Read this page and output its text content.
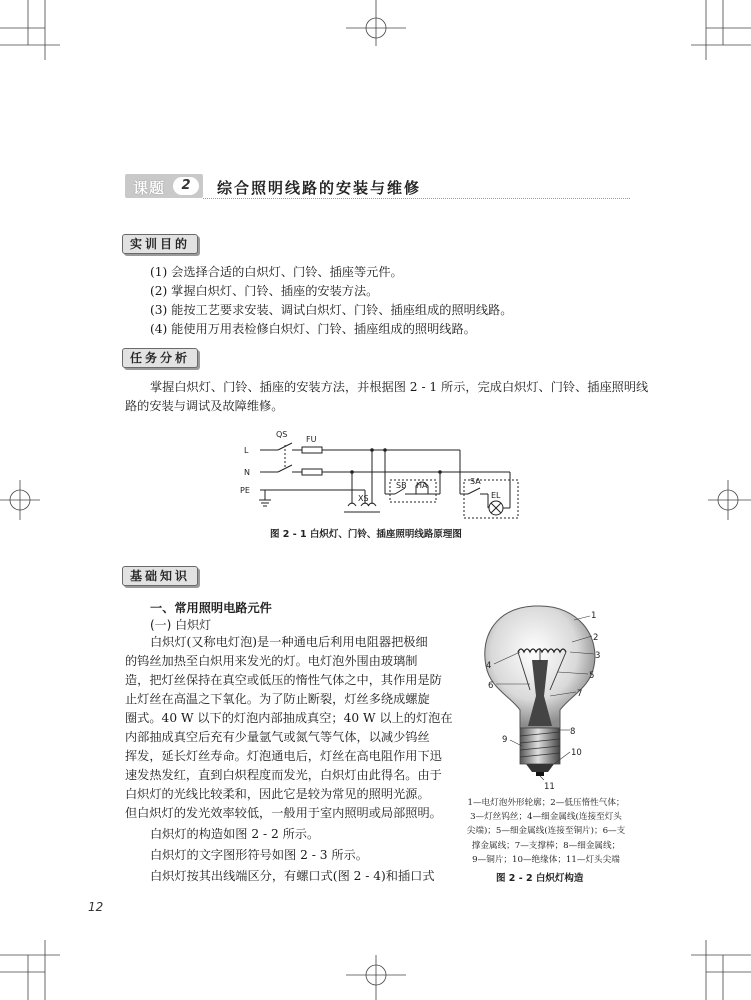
课题	2	综合照明线路的安装与维修
实训目的
(1) 会选择合适的白炽灯、门铃、插座等元件。
(2) 掌握白炽灯、门铃、插座的安装方法。
(3) 能按工艺要求安装、调试白炽灯、门铃、插座组成的照明线路。
(4) 能使用万用表检修白炽灯、门铃、插座组成的照明线路。
任务分析
掌握白炽灯、门铃、插座的安装方法，并根据图 2 - 1 所示，完成白炽灯、门铃、插座照明线
路的安装与调试及故障维修。
QS
FU
L
N
PE
XS
SB HA	SA
EL
图 2 - 1 白炽灯、门铃、插座照明线路原理图
基础知识
一、常用照明电路元件
(一) 白炽灯
白炽灯(又称电灯泡)是一种通电后利用电阻器把极细
的钨丝加热至白炽用来发光的灯。电灯泡外围由玻璃制
造，把灯丝保持在真空或低压的惰性气体之中，其作用是防
止灯丝在高温之下氧化。为了防止断裂，灯丝多绕成螺旋
圈式。40 W 以下的灯泡内部抽成真空；40 W 以上的灯泡在
内部抽成真空后充有少量氩气或氮气等气体，以减少钨丝
挥发，延长灯丝寿命。灯泡通电后，灯丝在高电阻作用下迅
速发热发红，直到白炽程度而发光，白炽灯由此得名。由于
白炽灯的光线比较柔和，因此它是较为常见的照明光源。
但白炽灯的发光效率较低，一般用于室内照明或局部照明。
白炽灯的构造如图 2 - 2 所示。
白炽灯的文字图形符号如图 2 - 3 所示。
白炽灯按其出线端区分，有螺口式(图 2 - 4)和插口式
1
2
3
4
5
6
7
8
9
10
11
1—电灯泡外形轮廓；2—低压惰性气体；
3—灯丝钨丝；4—细金属线(连接至灯头
尖端)；5—细金属线(连接至铜片)；6—支
撑金属线；7—支撑棒；8—细金属线；
9—铜片；10—绝缘体；11—灯头尖端
图 2 - 2 白炽灯构造
12
